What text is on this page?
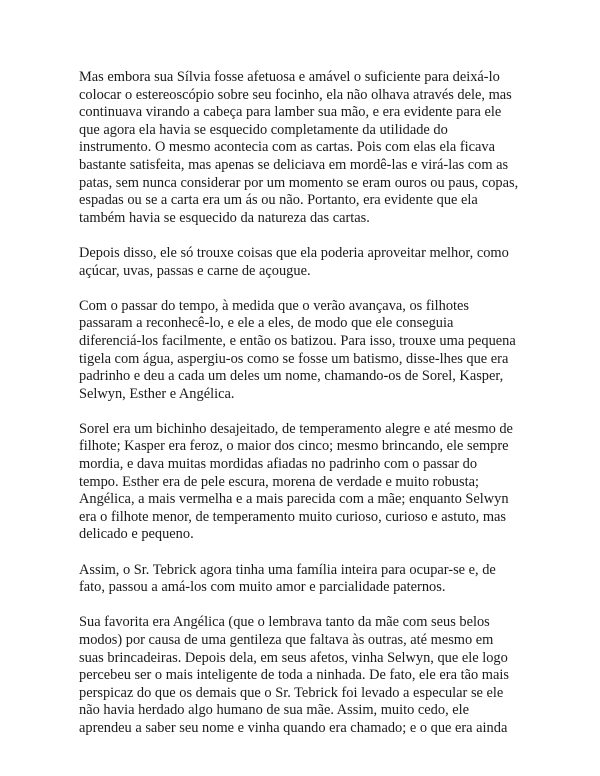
Mas embora sua Sílvia fosse afetuosa e amável o suficiente para deixá-lo
colocar o estereoscópio sobre seu focinho, ela não olhava através dele, mas
continuava virando a cabeça para lamber sua mão, e era evidente para ele
que agora ela havia se esquecido completamente da utilidade do
instrumento. O mesmo acontecia com as cartas. Pois com elas ela ficava
bastante satisfeita, mas apenas se deliciava em mordê-las e virá-las com as
patas, sem nunca considerar por um momento se eram ouros ou paus, copas,
espadas ou se a carta era um ás ou não. Portanto, era evidente que ela
também havia se esquecido da natureza das cartas.

Depois disso, ele só trouxe coisas que ela poderia aproveitar melhor, como
açúcar, uvas, passas e carne de açougue.

Com o passar do tempo, à medida que o verão avançava, os filhotes
passaram a reconhecê-lo, e ele a eles, de modo que ele conseguia
diferenciá-los facilmente, e então os batizou. Para isso, trouxe uma pequena
tigela com água, aspergiu-os como se fosse um batismo, disse-lhes que era
padrinho e deu a cada um deles um nome, chamando-os de Sorel, Kasper,
Selwyn, Esther e Angélica.

Sorel era um bichinho desajeitado, de temperamento alegre e até mesmo de
filhote; Kasper era feroz, o maior dos cinco; mesmo brincando, ele sempre
mordia, e dava muitas mordidas afiadas no padrinho com o passar do
tempo. Esther era de pele escura, morena de verdade e muito robusta;
Angélica, a mais vermelha e a mais parecida com a mãe; enquanto Selwyn
era o filhote menor, de temperamento muito curioso, curioso e astuto, mas
delicado e pequeno.

Assim, o Sr. Tebrick agora tinha uma família inteira para ocupar-se e, de
fato, passou a amá-los com muito amor e parcialidade paternos.

Sua favorita era Angélica (que o lembrava tanto da mãe com seus belos
modos) por causa de uma gentileza que faltava às outras, até mesmo em
suas brincadeiras. Depois dela, em seus afetos, vinha Selwyn, que ele logo
percebeu ser o mais inteligente de toda a ninhada. De fato, ele era tão mais
perspicaz do que os demais que o Sr. Tebrick foi levado a especular se ele
não havia herdado algo humano de sua mãe. Assim, muito cedo, ele
aprendeu a saber seu nome e vinha quando era chamado; e o que era ainda
